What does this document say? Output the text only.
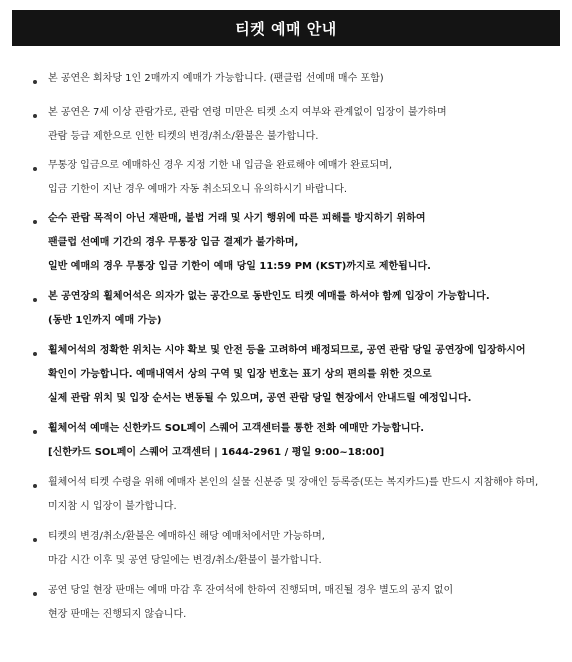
티켓 예매 안내
본 공연은 회차당 1인 2매까지 예매가 가능합니다. (팬클럽 선예매 매수 포함)
본 공연은 7세 이상 관람가로, 관람 연령 미만은 티켓 소지 여부와 관계없이 입장이 불가하며
관람 등급 제한으로 인한 티켓의 변경/취소/환불은 불가합니다.
무통장 입금으로 예매하신 경우 지정 기한 내 입금을 완료해야 예매가 완료되며,
입금 기한이 지난 경우 예매가 자동 취소되오니 유의하시기 바랍니다.
순수 관람 목적이 아닌 재판매, 불법 거래 및 사기 행위에 따른 피해를 방지하기 위하여
팬클럽 선예매 기간의 경우 무통장 입금 결제가 불가하며,
일반 예매의 경우 무통장 입금 기한이 예매 당일 11:59 PM (KST)까지로 제한됩니다.
본 공연장의 휠체어석은 의자가 없는 공간으로 동반인도 티켓 예매를 하셔야 함께 입장이 가능합니다.
(동반 1인까지 예매 가능)
휠체어석의 정확한 위치는 시야 확보 및 안전 등을 고려하여 배정되므로, 공연 관람 당일 공연장에 입장하시어
확인이 가능합니다. 예매내역서 상의 구역 및 입장 번호는 표기 상의 편의를 위한 것으로
실제 관람 위치 및 입장 순서는 변동될 수 있으며, 공연 관람 당일 현장에서 안내드릴 예정입니다.
휠체어석 예매는 신한카드 SOL페이 스퀘어 고객센터를 통한 전화 예매만 가능합니다.
[신한카드 SOL페이 스퀘어 고객센터 | 1644-2961 / 평일 9:00~18:00]
휠체어석 티켓 수령을 위해 예매자 본인의 실물 신분증 및 장애인 등록증(또는 복지카드)를 반드시 지참해야 하며,
미지참 시 입장이 불가합니다.
티켓의 변경/취소/환불은 예매하신 해당 예매처에서만 가능하며,
마감 시간 이후 및 공연 당일에는 변경/취소/환불이 불가합니다.
공연 당일 현장 판매는 예매 마감 후 잔여석에 한하여 진행되며, 매진될 경우 별도의 공지 없이
현장 판매는 진행되지 않습니다.
